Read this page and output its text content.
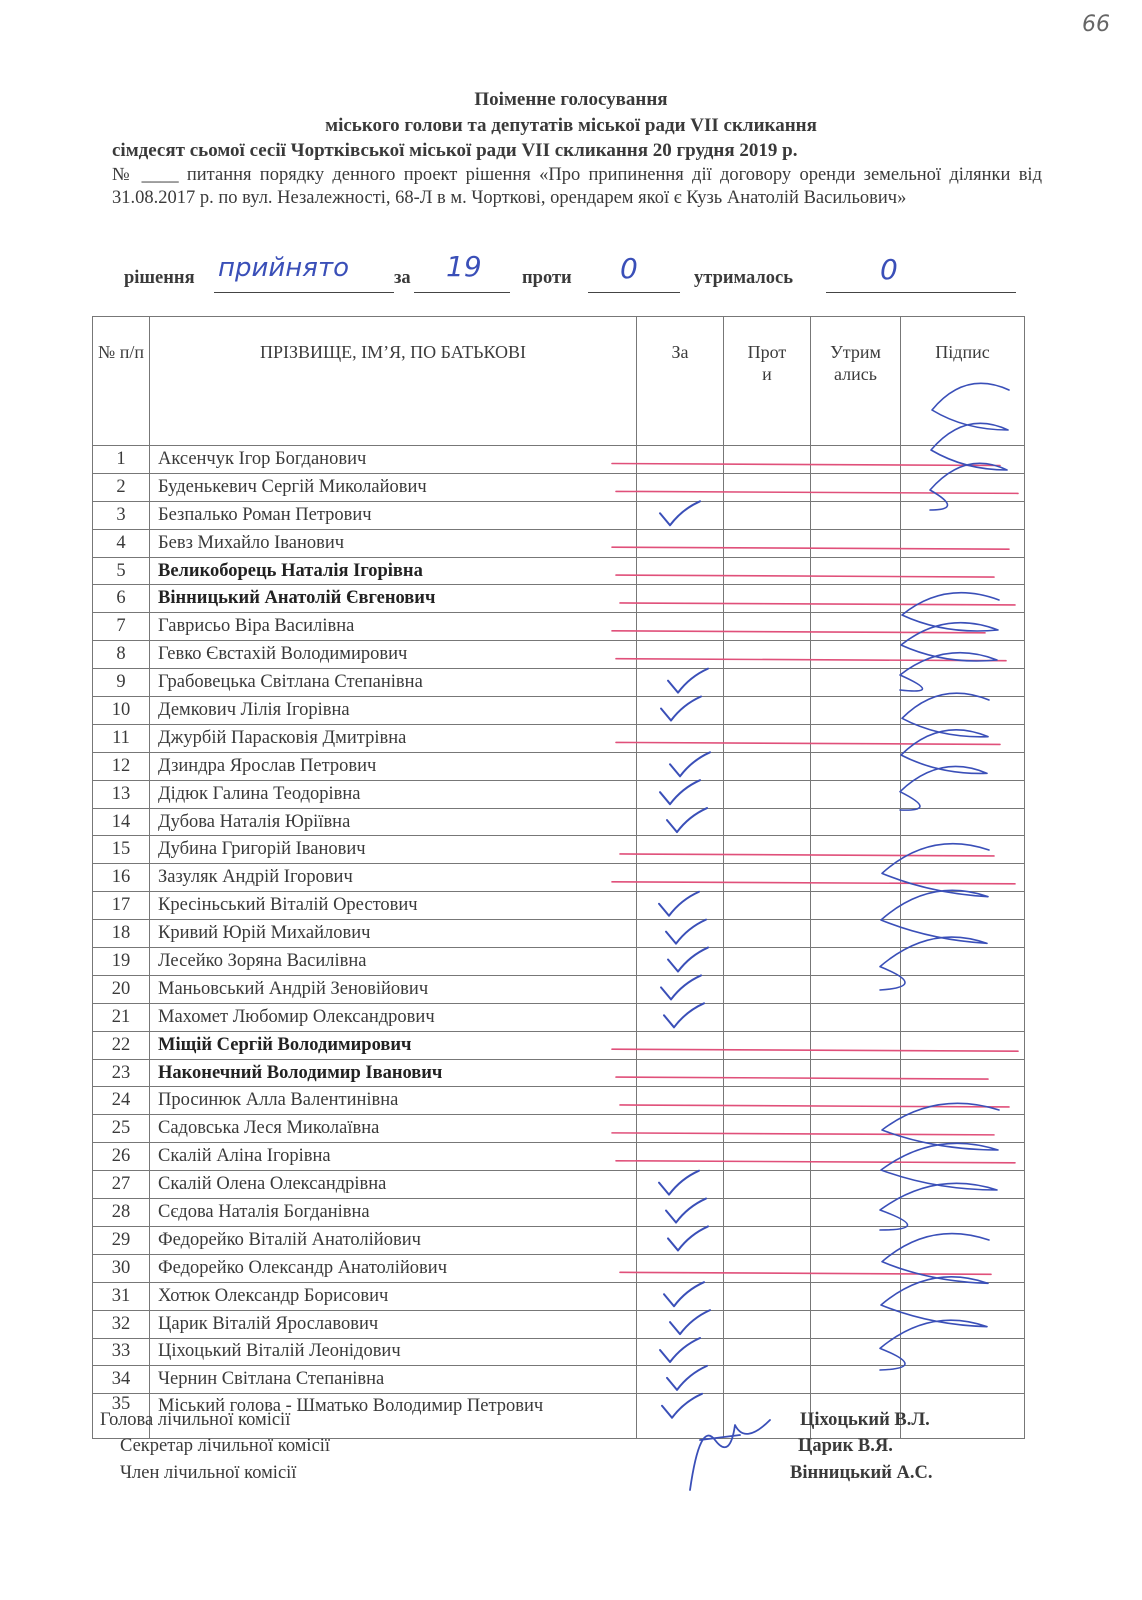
66
Поіменне голосування
міського голови та депутатів міської ради VII скликання
сімдесят сьомої сесії Чортківської міської ради VII скликання 20 грудня 2019 р.
№ ____ питання порядку денного проект рішення «Про припинення дії договору оренди земельної ділянки від 31.08.2017 р. по вул. Незалежності, 68-Л в м. Чорткові, орендарем якої є Кузь Анатолій Васильович»
рішення прийнято за 19 проти 0	утрималось	0
№ п/п	ПРІЗВИЩЕ, ІМ’Я, ПО БАТЬКОВІ	За	Проти	Утрималиcь	Підпис
1	Аксенчук Ігор Богданович				
2	Буденькевич Сергій Миколайович				
3	Безпалько Роман Петрович				
4	Бевз Михайло Іванович				
5	Великоборець Наталія Ігорівна				
6	Вінницький Анатолій Євгенович				
7	Гаврисьо Віра Василівна				
8	Гевко Євстахій Володимирович				
9	Грабовецька Світлана Степанівна				
10	Демкович Лілія Ігорівна				
11	Джурбій Парасковія Дмитрівна				
12	Дзиндра Ярослав Петрович				
13	Дідюк Галина Теодорівна				
14	Дубова Наталія Юріївна				
15	Дубина Григорій Іванович				
16	Зазуляк Андрій Ігорович				
17	Кресіньський Віталій Орестович				
18	Кривий Юрій Михайлович				
19	Лесейко Зоряна Василівна				
20	Маньовський Андрій Зеновійович				
21	Махомет Любомир Олександрович				
22	Міщій Сергій Володимирович				
23	Наконечний Володимир Іванович				
24	Просинюк Алла Валентинівна				
25	Садовська Леся Миколаївна				
26	Скалій Аліна Ігорівна				
27	Скалій Олена Олександрівна				
28	Сєдова Наталія Богданівна				
29	Федорейко Віталій Анатолійович				
30	Федорейко Олександр Анатолійович				
31	Хотюк Олександр Борисович				
32	Царик Віталій Ярославович				
33	Ціхоцький Віталій Леонідович				
34	Чернин Світлана Степанівна				
35	Міський голова - Шматько Володимир Петрович				
Голова лічильної комісії
Секретар лічильної комісії
Член лічильної комісії
Ціхоцький В.Л.
Царик В.Я.
Вінницький А.С.
